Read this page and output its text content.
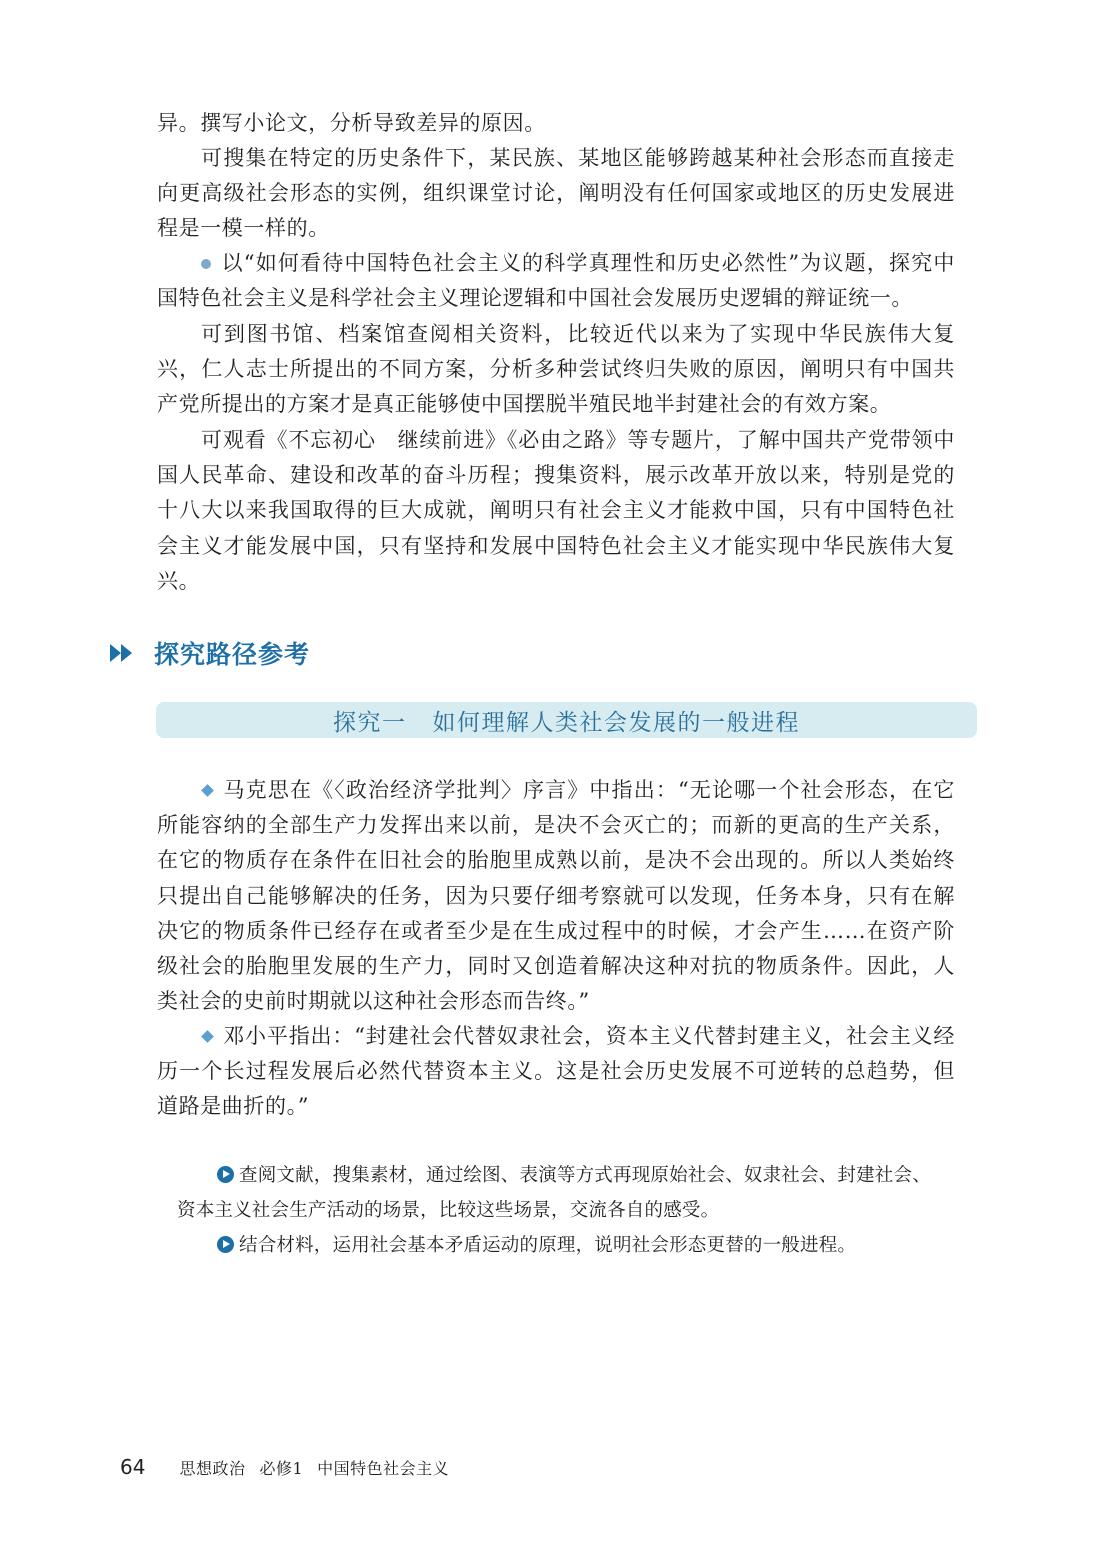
异。撰写小论文，分析导致差异的原因。

可搜集在特定的历史条件下，某民族、某地区能够跨越某种社会形态而直接走向更高级社会形态的实例，组织课堂讨论，阐明没有任何国家或地区的历史发展进程是一模一样的。

以“如何看待中国特色社会主义的科学真理性和历史必然性”为议题，探究中国特色社会主义是科学社会主义理论逻辑和中国社会发展历史逻辑的辩证统一。

可到图书馆、档案馆查阅相关资料，比较近代以来为了实现中华民族伟大复兴，仁人志士所提出的不同方案，分析多种尝试终归失败的原因，阐明只有中国共产党所提出的方案才是真正能够使中国摆脱半殖民地半封建社会的有效方案。

可观看《不忘初心　继续前进》《必由之路》等专题片，了解中国共产党带领中国人民革命、建设和改革的奋斗历程；搜集资料，展示改革开放以来，特别是党的十八大以来我国取得的巨大成就，阐明只有社会主义才能救中国，只有中国特色社会主义才能发展中国，只有坚持和发展中国特色社会主义才能实现中华民族伟大复兴。

探究路径参考
探究一 如何理解人类社会发展的一般进程

马克思在《〈政治经济学批判〉序言》中指出：“无论哪一个社会形态，在它所能容纳的全部生产力发挥出来以前，是决不会灭亡的；而新的更高的生产关系，在它的物质存在条件在旧社会的胎胞里成熟以前，是决不会出现的。所以人类始终只提出自己能够解决的任务，因为只要仔细考察就可以发现，任务本身，只有在解决它的物质条件已经存在或者至少是在生成过程中的时候，才会产生……在资产阶级社会的胎胞里发展的生产力，同时又创造着解决这种对抗的物质条件。因此，人类社会的史前时期就以这种社会形态而告终。”

邓小平指出：“封建社会代替奴隶社会，资本主义代替封建主义，社会主义经历一个长过程发展后必然代替资本主义。这是社会历史发展不可逆转的总趋势，但道路是曲折的。”

查阅文献，搜集素材，通过绘图、表演等方式再现原始社会、奴隶社会、封建社会、资本主义社会生产活动的场景，比较这些场景，交流各自的感受。

结合材料，运用社会基本矛盾运动的原理，说明社会形态更替的一般进程。

64 思想政治 必修1 中国特色社会主义
